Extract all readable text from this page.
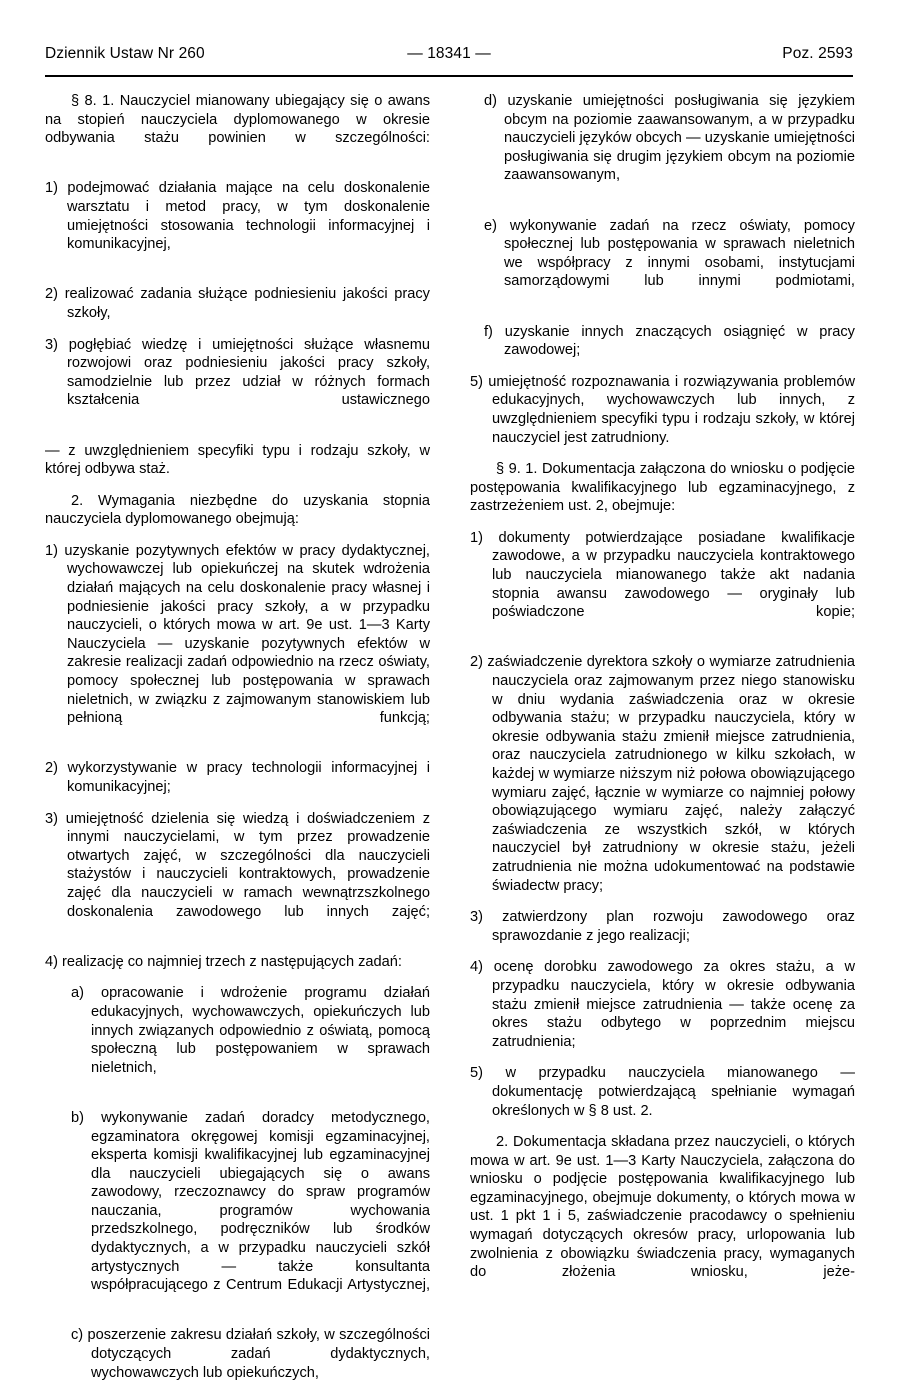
Dziennik Ustaw Nr 260	— 18341 —	Poz. 2593

§ 8. 1. Nauczyciel mianowany ubiegający się o awans na stopień nauczyciela dyplomowanego w okresie odbywania stażu powinien w szczególności:

1) podejmować działania mające na celu doskonalenie warsztatu i metod pracy, w tym doskonalenie umiejętności stosowania technologii informacyjnej i komunikacyjnej,

2) realizować zadania służące podniesieniu jakości pracy szkoły,

3) pogłębiać wiedzę i umiejętności służące własnemu rozwojowi oraz podniesieniu jakości pracy szkoły, samodzielnie lub przez udział w różnych formach kształcenia ustawicznego

— z uwzględnieniem specyfiki typu i rodzaju szkoły, w której odbywa staż.

2. Wymagania niezbędne do uzyskania stopnia nauczyciela dyplomowanego obejmują:

1) uzyskanie pozytywnych efektów w pracy dydaktycznej, wychowawczej lub opiekuńczej na skutek wdrożenia działań mających na celu doskonalenie pracy własnej i podniesienie jakości pracy szkoły, a w przypadku nauczycieli, o których mowa w art. 9e ust. 1—3 Karty Nauczyciela — uzyskanie pozytywnych efektów w zakresie realizacji zadań odpowiednio na rzecz oświaty, pomocy społecznej lub postępowania w sprawach nieletnich, w związku z zajmowanym stanowiskiem lub pełnioną funkcją;

2) wykorzystywanie w pracy technologii informacyjnej i komunikacyjnej;

3) umiejętność dzielenia się wiedzą i doświadczeniem z innymi nauczycielami, w tym przez prowadzenie otwartych zajęć, w szczególności dla nauczycieli stażystów i nauczycieli kontraktowych, prowadzenie zajęć dla nauczycieli w ramach wewnątrzszkolnego doskonalenia zawodowego lub innych zajęć;

4) realizację co najmniej trzech z następujących zadań:

a) opracowanie i wdrożenie programu działań edukacyjnych, wychowawczych, opiekuńczych lub innych związanych odpowiednio z oświatą, pomocą społeczną lub postępowaniem w sprawach nieletnich,

b) wykonywanie zadań doradcy metodycznego, egzaminatora okręgowej komisji egzaminacyjnej, eksperta komisji kwalifikacyjnej lub egzaminacyjnej dla nauczycieli ubiegających się o awans zawodowy, rzeczoznawcy do spraw programów nauczania, programów wychowania przedszkolnego, podręczników lub środków dydaktycznych, a w przypadku nauczycieli szkół artystycznych — także konsultanta współpracującego z Centrum Edukacji Artystycznej,

c) poszerzenie zakresu działań szkoły, w szczególności dotyczących zadań dydaktycznych, wychowawczych lub opiekuńczych,

d) uzyskanie umiejętności posługiwania się językiem obcym na poziomie zaawansowanym, a w przypadku nauczycieli języków obcych — uzyskanie umiejętności posługiwania się drugim językiem obcym na poziomie zaawansowanym,

e) wykonywanie zadań na rzecz oświaty, pomocy społecznej lub postępowania w sprawach nieletnich we współpracy z innymi osobami, instytucjami samorządowymi lub innymi podmiotami,

f) uzyskanie innych znaczących osiągnięć w pracy zawodowej;

5) umiejętność rozpoznawania i rozwiązywania problemów edukacyjnych, wychowawczych lub innych, z uwzględnieniem specyfiki typu i rodzaju szkoły, w której nauczyciel jest zatrudniony.

§ 9. 1. Dokumentacja załączona do wniosku o podjęcie postępowania kwalifikacyjnego lub egzaminacyjnego, z zastrzeżeniem ust. 2, obejmuje:

1) dokumenty potwierdzające posiadane kwalifikacje zawodowe, a w przypadku nauczyciela kontraktowego lub nauczyciela mianowanego także akt nadania stopnia awansu zawodowego — oryginały lub poświadczone kopie;

2) zaświadczenie dyrektora szkoły o wymiarze zatrudnienia nauczyciela oraz zajmowanym przez niego stanowisku w dniu wydania zaświadczenia oraz w okresie odbywania stażu; w przypadku nauczyciela, który w okresie odbywania stażu zmienił miejsce zatrudnienia, oraz nauczyciela zatrudnionego w kilku szkołach, w każdej w wymiarze niższym niż połowa obowiązującego wymiaru zajęć, łącznie w wymiarze co najmniej połowy obowiązującego wymiaru zajęć, należy załączyć zaświadczenia ze wszystkich szkół, w których nauczyciel był zatrudniony w okresie stażu, jeżeli zatrudnienia nie można udokumentować na podstawie świadectw pracy;

3) zatwierdzony plan rozwoju zawodowego oraz sprawozdanie z jego realizacji;

4) ocenę dorobku zawodowego za okres stażu, a w przypadku nauczyciela, który w okresie odbywania stażu zmienił miejsce zatrudnienia — także ocenę za okres stażu odbytego w poprzednim miejscu zatrudnienia;

5) w przypadku nauczyciela mianowanego — dokumentację potwierdzającą spełnianie wymagań określonych w § 8 ust. 2.

2. Dokumentacja składana przez nauczycieli, o których mowa w art. 9e ust. 1—3 Karty Nauczyciela, załączona do wniosku o podjęcie postępowania kwalifikacyjnego lub egzaminacyjnego, obejmuje dokumenty, o których mowa w ust. 1 pkt 1 i 5, zaświadczenie pracodawcy o spełnieniu wymagań dotyczących okresów pracy, urlopowania lub zwolnienia z obowiązku świadczenia pracy, wymaganych do złożenia wniosku, jeże-
